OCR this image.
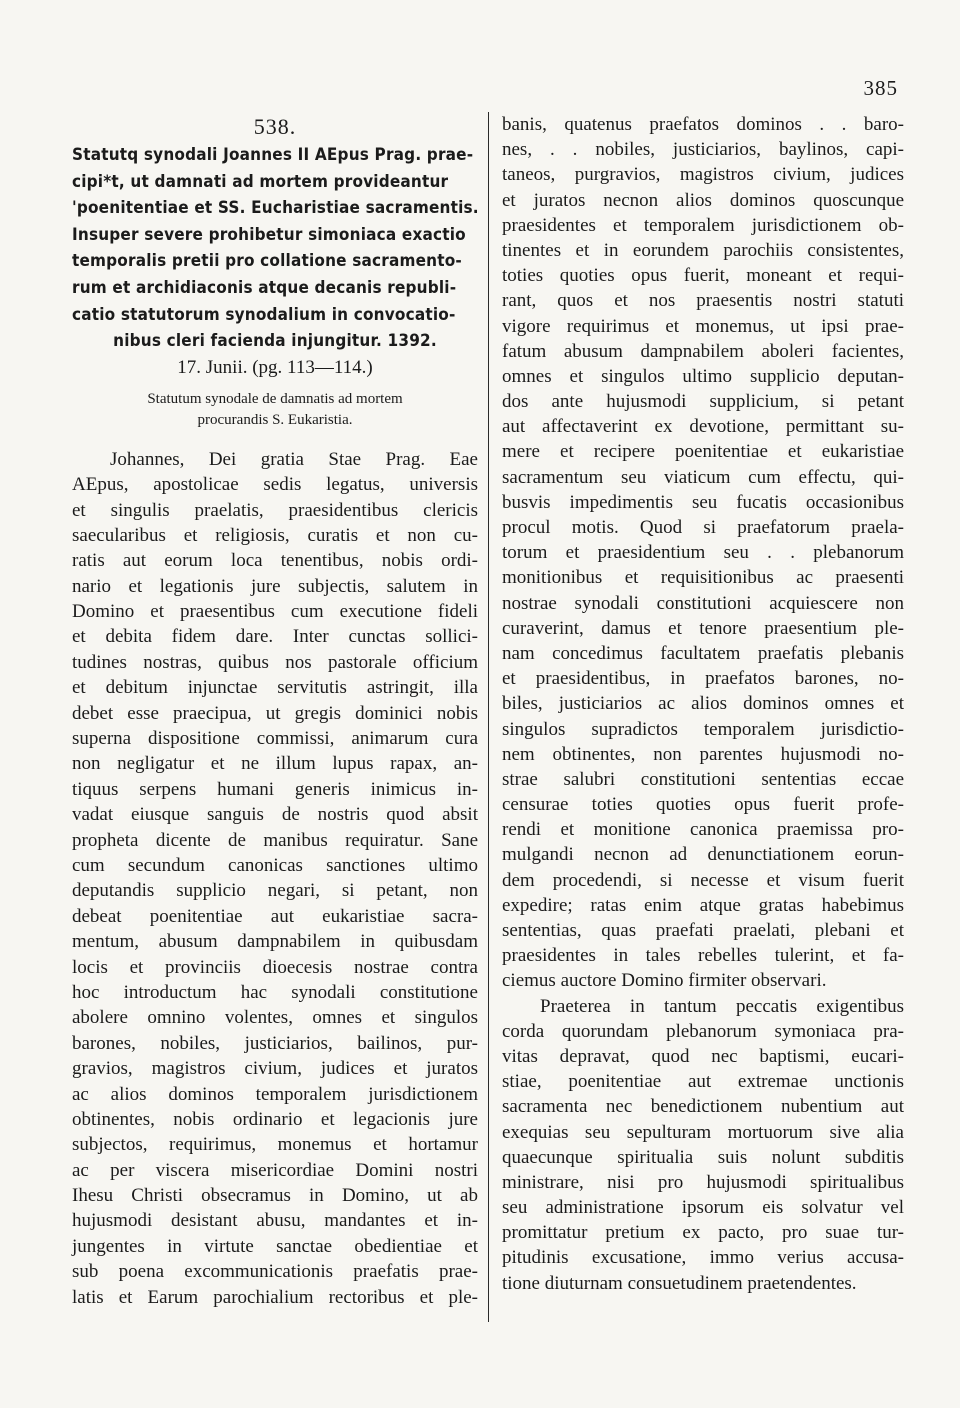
385
538.
Statutq synodali Joannes II AEpus Prag. prae-
cipi*t, ut damnati ad mortem provideantur
'poenitentiae et SS. Eucharistiae sacramentis.
Insuper severe prohibetur simoniaca exactio
temporalis pretii pro collatione sacramento-
rum et archidiaconis atque decanis republi-
catio statutorum synodalium in convocatio-
nibus cleri facienda injungitur. 1392.
17. Junii. (pg. 113—114.)
Statutum synodale de damnatis ad mortem
procurandis S. Eukaristia.
Johannes, Dei gratia Stae Prag. Eae
AEpus, apostolicae sedis legatus, universis
et singulis praelatis, praesidentibus clericis
saecularibus et religiosis, curatis et non cu-
ratis aut eorum loca tenentibus, nobis ordi-
nario et legationis jure subjectis, salutem in
Domino et praesentibus cum executione fideli
et debita fidem dare. Inter cunctas sollici-
tudines nostras, quibus nos pastorale officium
et debitum injunctae servitutis astringit, illa
debet esse praecipua, ut gregis dominici nobis
superna dispositione commissi, animarum cura
non negligatur et ne illum lupus rapax, an-
tiquus serpens humani generis inimicus in-
vadat eiusque sanguis de nostris quod absit
propheta dicente de manibus requiratur. Sane
cum secundum canonicas sanctiones ultimo
deputandis supplicio negari, si petant, non
debeat poenitentiae aut eukaristiae sacra-
mentum, abusum dampnabilem in quibusdam
locis et provinciis dioecesis nostrae contra
hoc introductum hac synodali constitutione
abolere omnino volentes, omnes et singulos
barones, nobiles, justiciarios, bailinos, pur-
gravios, magistros civium, judices et juratos
ac alios dominos temporalem jurisdictionem
obtinentes, nobis ordinario et legacionis jure
subjectos, requirimus, monemus et hortamur
ac per viscera misericordiae Domini nostri
Ihesu Christi obsecramus in Domino, ut ab
hujusmodi desistant abusu, mandantes et in-
jungentes in virtute sanctae obedientiae et
sub poena excommunicationis praefatis prae-
latis et Earum parochialium rectoribus et ple-
banis, quatenus praefatos dominos . . baro-
nes, . . nobiles, justiciarios, baylinos, capi-
taneos, purgravios, magistros civium, judices
et juratos necnon alios dominos quoscunque
praesidentes et temporalem jurisdictionem ob-
tinentes et in eorundem parochiis consistentes,
toties quoties opus fuerit, moneant et requi-
rant, quos et nos praesentis nostri statuti
vigore requirimus et monemus, ut ipsi prae-
fatum abusum dampnabilem aboleri facientes,
omnes et singulos ultimo supplicio deputan-
dos ante hujusmodi supplicium, si petant
aut affectaverint ex devotione, permittant su-
mere et recipere poenitentiae et eukaristiae
sacramentum seu viaticum cum effectu, qui-
busvis impedimentis seu fucatis occasionibus
procul motis. Quod si praefatorum praela-
torum et praesidentium seu . . plebanorum
monitionibus et requisitionibus ac praesenti
nostrae synodali constitutioni acquiescere non
curaverint, damus et tenore praesentium ple-
nam concedimus facultatem praefatis plebanis
et praesidentibus, in praefatos barones, no-
biles, justiciarios ac alios dominos omnes et
singulos supradictos temporalem jurisdictio-
nem obtinentes, non parentes hujusmodi no-
strae salubri constitutioni sententias eccae
censurae toties quoties opus fuerit profe-
rendi et monitione canonica praemissa pro-
mulgandi necnon ad denunctiationem eorun-
dem procedendi, si necesse et visum fuerit
expedire; ratas enim atque gratas habebimus
sententias, quas praefati praelati, plebani et
praesidentes in tales rebelles tulerint, et fa-
ciemus auctore Domino firmiter observari.
Praeterea in tantum peccatis exigentibus
corda quorundam plebanorum symoniaca pra-
vitas depravat, quod nec baptismi, eucari-
stiae, poenitentiae aut extremae unctionis
sacramenta nec benedictionem nubentium aut
exequias seu sepulturam mortuorum sive alia
quaecunque spiritualia suis nolunt subditis
ministrare, nisi pro hujusmodi spiritualibus
seu administratione ipsorum eis solvatur vel
promittatur pretium ex pacto, pro suae tur-
pitudinis excusatione, immo verius accusa-
tione diuturnam consuetudinem praetendentes.
